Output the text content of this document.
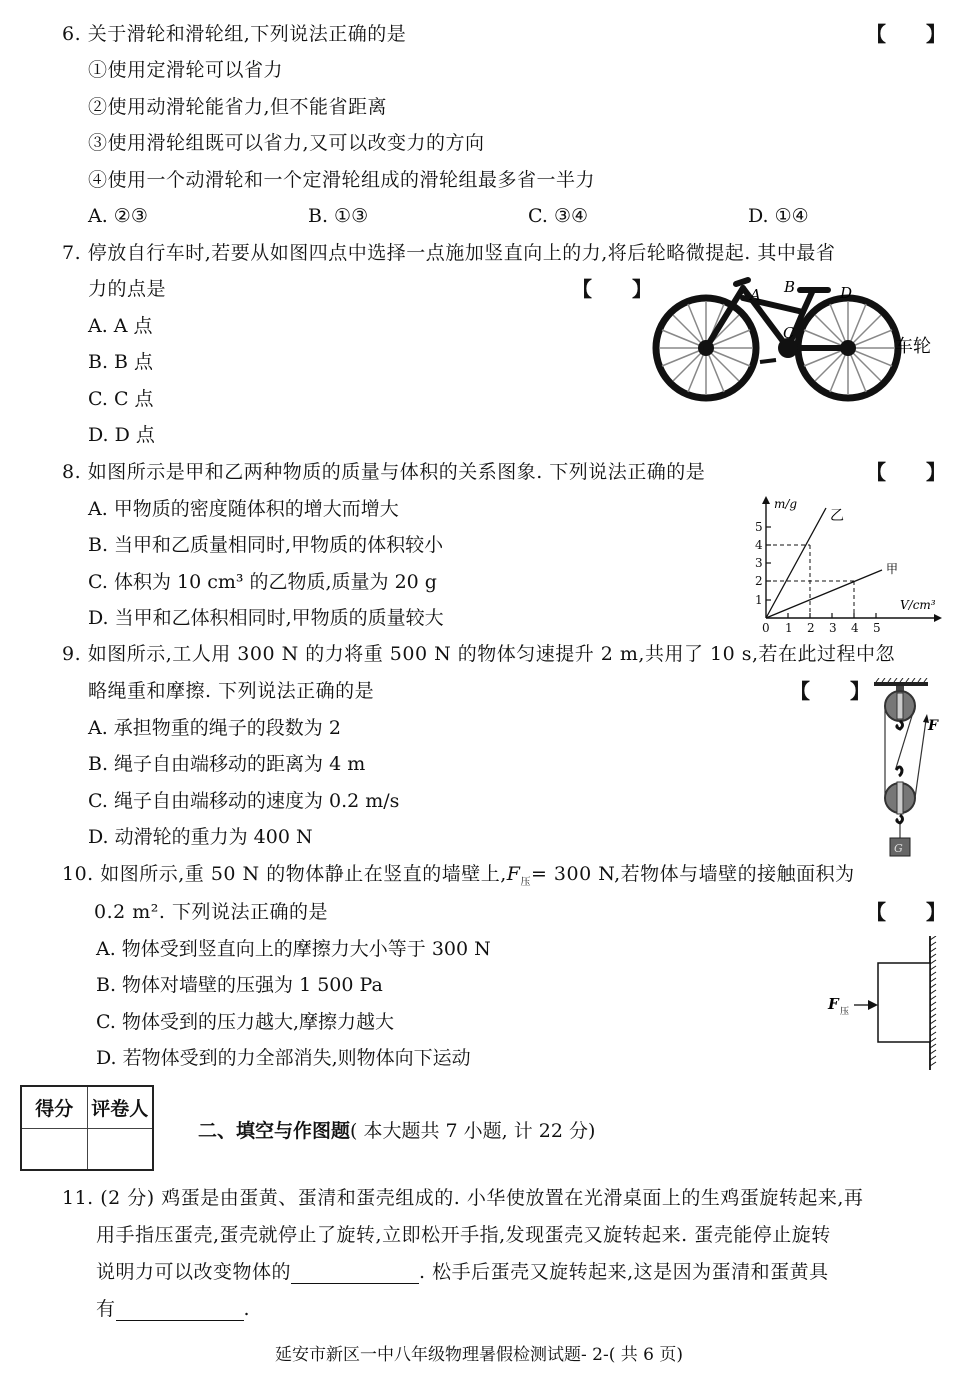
6. 关于滑轮和滑轮组,下列说法正确的是	【　　】
①使用定滑轮可以省力
②使用动滑轮能省力,但不能省距离
③使用滑轮组既可以省力,又可以改变力的方向
④使用一个动滑轮和一个定滑轮组成的滑轮组最多省一半力
A. ②③	B. ①③	C. ③④	D. ①④
7. 停放自行车时,若要从如图四点中选择一点施加竖直向上的力,将后轮略微提起. 其中最省
力的点是	【　　】
A. A 点
B. B 点
C. C 点
D. D 点
A B
C
D
车轮
8. 如图所示是甲和乙两种物质的质量与体积的关系图象. 下列说法正确的是	【　　】
A. 甲物质的密度随体积的增大而增大
B. 当甲和乙质量相同时,甲物质的体积较小
C. 体积为 10 cm³ 的乙物质,质量为 20 g
D. 当甲和乙体积相同时,甲物质的质量较大
1
2
3
4
5
0 1 2 3 4 5
m/g
V/cm³
乙
甲
9. 如图所示,工人用 300 N 的力将重 500 N 的物体匀速提升 2 m,共用了 10 s,若在此过程中忽
略绳重和摩擦. 下列说法正确的是	【　　】
A. 承担物重的绳子的段数为 2
B. 绳子自由端移动的距离为 4 m
C. 绳子自由端移动的速度为 0.2 m/s
D. 动滑轮的重力为 400 N
F
G
10. 如图所示,重 50 N 的物体静止在竖直的墙壁上$,F_压= 300$ N,若物体与墙壁的接触面积为
0.2 m². 下列说法正确的是	【　　】
A. 物体受到竖直向上的摩擦力大小等于 300 N
B. 物体对墙壁的压强为 1 500 Pa
C. 物体受到的压力越大,摩擦力越大
D. 若物体受到的力全部消失,则物体向下运动
F 压
得分	评卷人

二、填空与作图题( 本大题共 7 小题, 计 22 分)
11. (2 分) 鸡蛋是由蛋黄、蛋清和蛋壳组成的. 小华使放置在光滑桌面上的生鸡蛋旋转起来,再
用手指压蛋壳,蛋壳就停止了旋转,立即松开手指,发现蛋壳又旋转起来. 蛋壳能停止旋转
说明力可以改变物体的	. 松手后蛋壳又旋转起来,这是因为蛋清和蛋黄具
有	.
延安市新区一中八年级物理暑假检测试题- 2-( 共 6 页)
